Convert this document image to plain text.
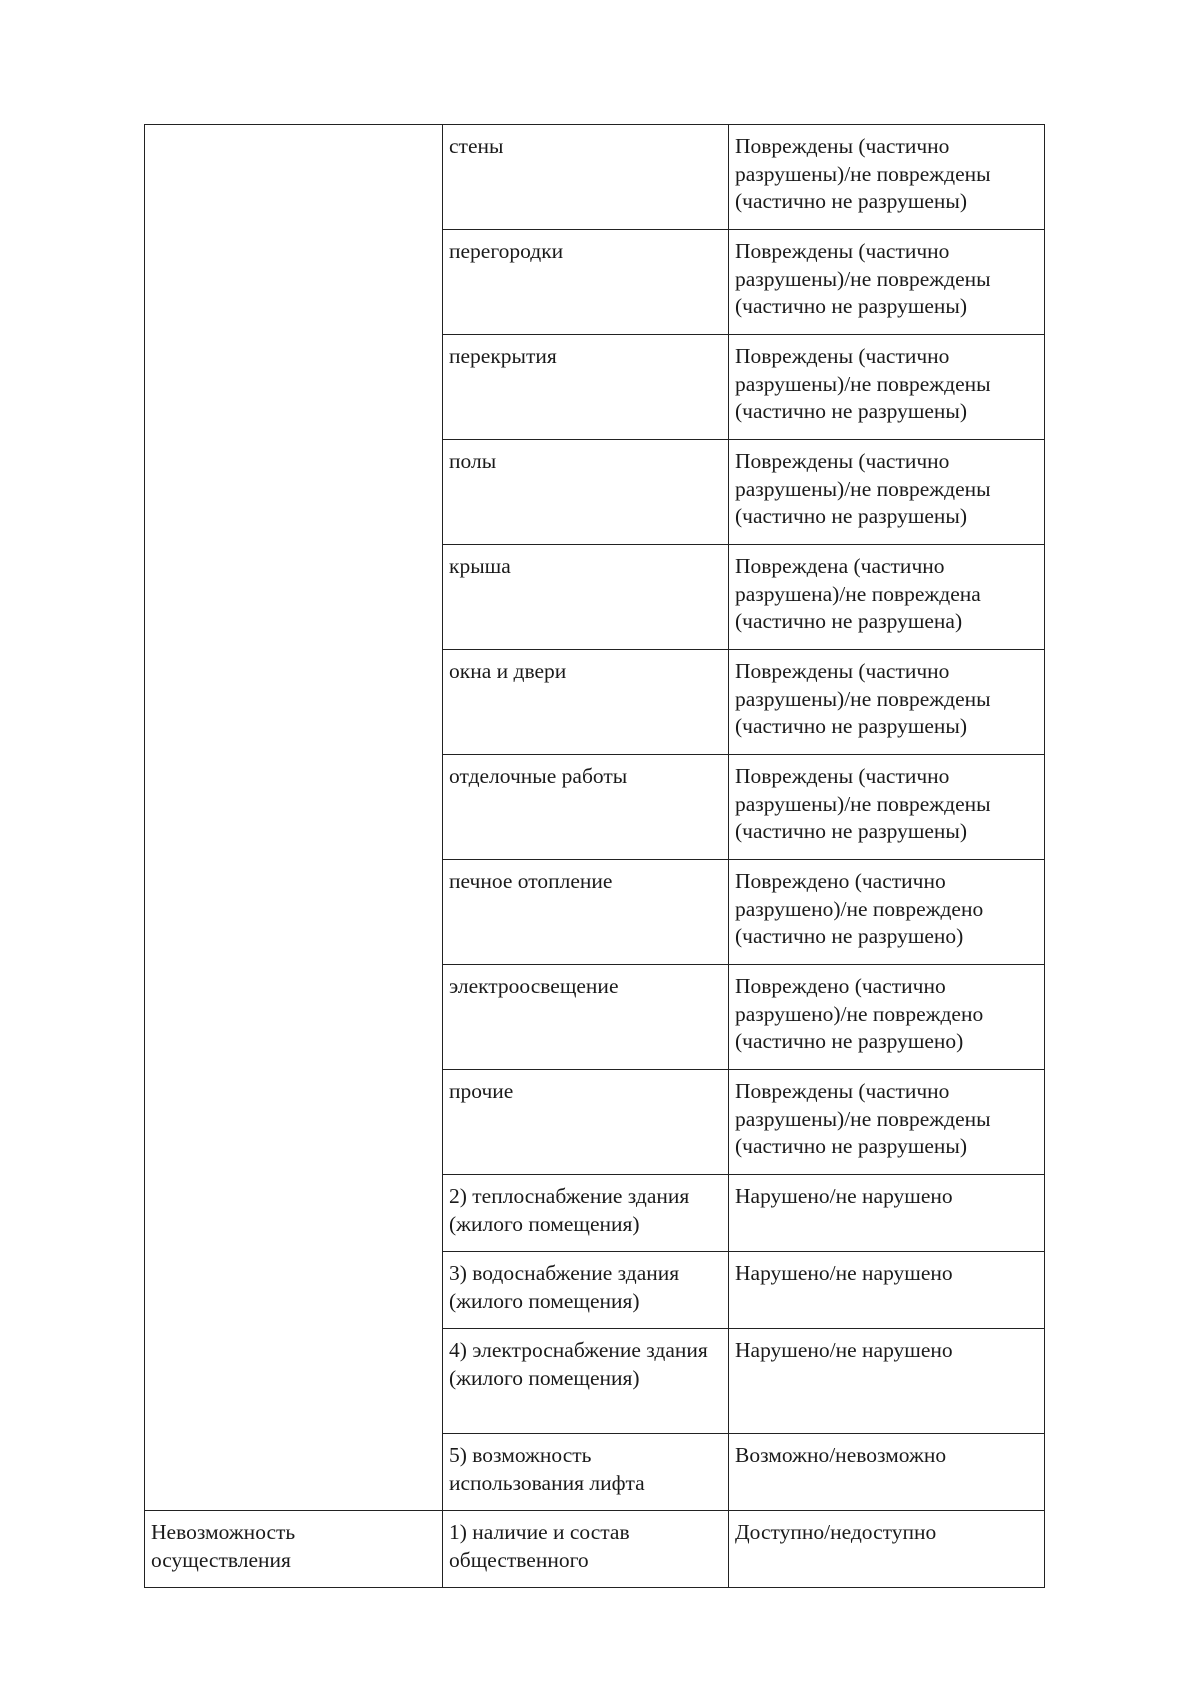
	стены	Повреждены (частично разрушены)/не повреждены (частично не разрушены)
	перегородки	Повреждены (частично разрушены)/не повреждены (частично не разрушены)
	перекрытия	Повреждены (частично разрушены)/не повреждены (частично не разрушены)
	полы	Повреждены (частично разрушены)/не повреждены (частично не разрушены)
	крыша	Повреждена (частично разрушена)/не повреждена (частично не разрушена)
	окна и двери	Повреждены (частично разрушены)/не повреждены (частично не разрушены)
	отделочные работы	Повреждены (частично разрушены)/не повреждены (частично не разрушены)
	печное отопление	Повреждено (частично разрушено)/не повреждено (частично не разрушено)
	электроосвещение	Повреждено (частично разрушено)/не повреждено (частично не разрушено)
	прочие	Повреждены (частично разрушены)/не повреждены (частично не разрушены)
	2) теплоснабжение здания (жилого помещения)	Нарушено/не нарушено
	3) водоснабжение здания (жилого помещения)	Нарушено/не нарушено
	4) электроснабжение здания (жилого помещения)	Нарушено/не нарушено
	5) возможность использования лифта	Возможно/невозможно
Невозможность осуществления	1) наличие и состав общественного	Доступно/недоступно
